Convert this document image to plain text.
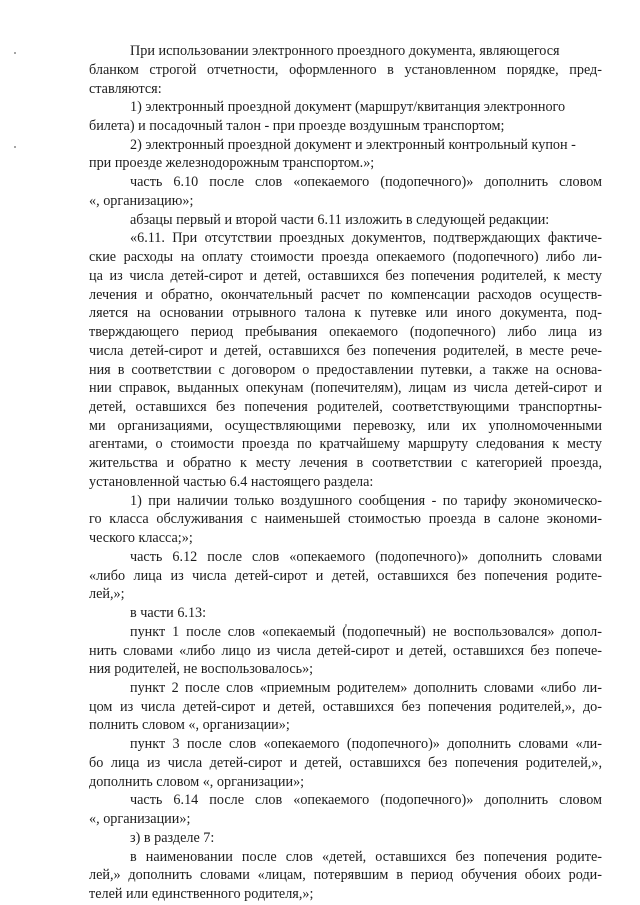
При использовании электронного проездного документа, являющегося
бланком строгой отчетности, оформленного в установленном порядке, пред-
ставляются:
1) электронный проездной документ (маршрут/квитанция электронного
билета) и посадочный талон - при проезде воздушным транспортом;
2) электронный проездной документ и электронный контрольный купон -
при проезде железнодорожным транспортом.»;
часть 6.10 после слов «опекаемого (подопечного)» дополнить словом
«, организацию»;
абзацы первый и второй части 6.11 изложить в следующей редакции:
«6.11. При отсутствии проездных документов, подтверждающих фактиче-
ские расходы на оплату стоимости проезда опекаемого (подопечного) либо ли-
ца из числа детей-сирот и детей, оставшихся без попечения родителей, к месту
лечения и обратно, окончательный расчет по компенсации расходов осуществ-
ляется на основании отрывного талона к путевке или иного документа, под-
тверждающего период пребывания опекаемого (подопечного) либо лица из
числа детей-сирот и детей, оставшихся без попечения родителей, в месте рече-
ния в соответствии с договором о предоставлении путевки, а также на основа-
нии справок, выданных опекунам (попечителям), лицам из числа детей-сирот и
детей, оставшихся без попечения родителей, соответствующими транспортны-
ми организациями, осуществляющими перевозку, или их уполномоченными
агентами, о стоимости проезда по кратчайшему маршруту следования к месту
жительства и обратно к месту лечения в соответствии с категорией проезда,
установленной частью 6.4 настоящего раздела:
1) при наличии только воздушного сообщения - по тарифу экономическо-
го класса обслуживания с наименьшей стоимостью проезда в салоне экономи-
ческого класса;»;
часть 6.12 после слов «опекаемого (подопечного)» дополнить словами
«либо лица из числа детей-сирот и детей, оставшихся без попечения родите-
лей,»;
в части 6.13:
пункт 1 после слов «опекаемый (подопечный) не воспользовался» допол-
нить словами «либо лицо из числа детей-сирот и детей, оставшихся без попече-
ния родителей, не воспользовалось»;
пункт 2 после слов «приемным родителем» дополнить словами «либо ли-
цом из числа детей-сирот и детей, оставшихся без попечения родителей,», до-
полнить словом «, организации»;
пункт 3 после слов «опекаемого (подопечного)» дополнить словами «ли-
бо лица из числа детей-сирот и детей, оставшихся без попечения родителей,»,
дополнить словом «, организации»;
часть 6.14 после слов «опекаемого (подопечного)» дополнить словом
«, организации»;
з) в разделе 7:
в наименовании после слов «детей, оставшихся без попечения родите-
лей,» дополнить словами «лицам, потерявшим в период обучения обоих роди-
телей или единственного родителя,»;
